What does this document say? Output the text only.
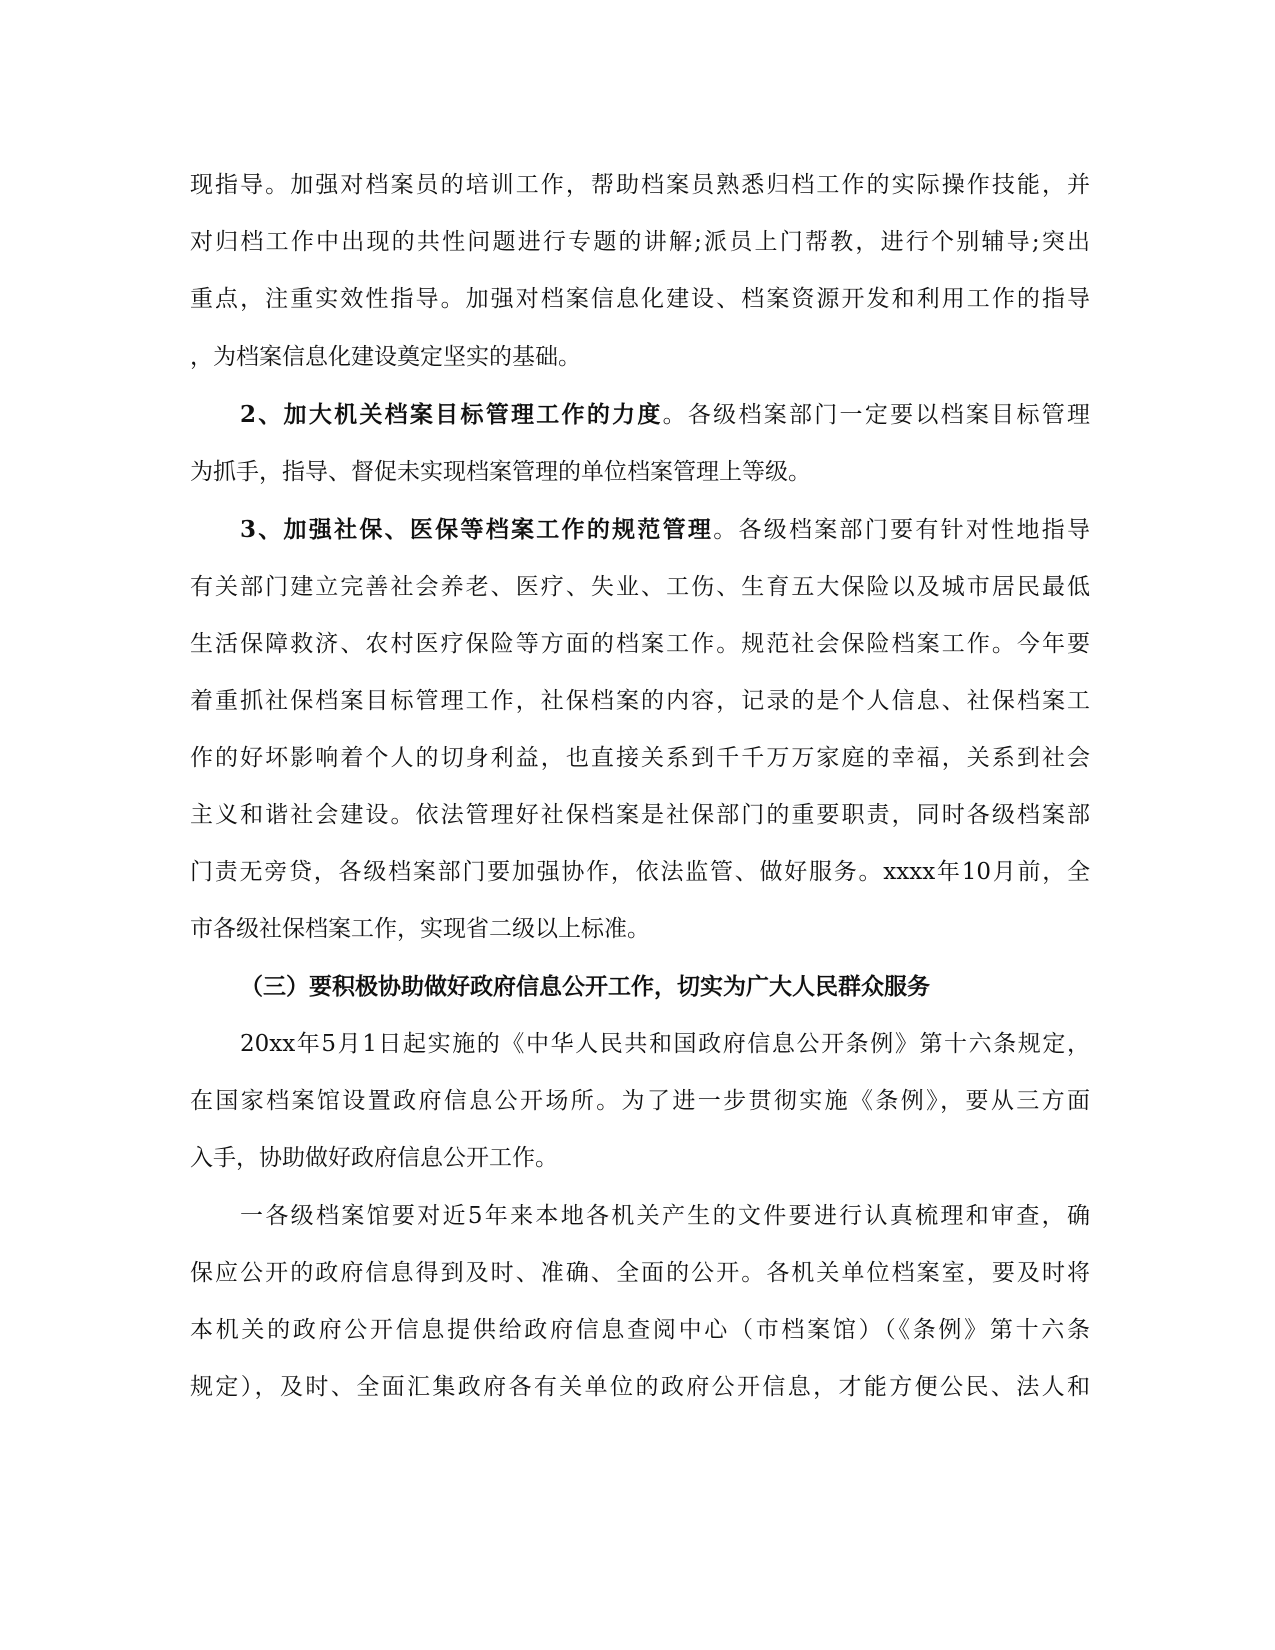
现指导。加强对档案员的培训工作，帮助档案员熟悉归档工作的实际操作技能，并
对归档工作中出现的共性问题进行专题的讲解;派员上门帮教，进行个别辅导;突出
重点，注重实效性指导。加强对档案信息化建设、档案资源开发和利用工作的指导
，为档案信息化建设奠定坚实的基础。
2、加大机关档案目标管理工作的力度。各级档案部门一定要以档案目标管理
为抓手，指导、督促未实现档案管理的单位档案管理上等级。
3、加强社保、医保等档案工作的规范管理。各级档案部门要有针对性地指导
有关部门建立完善社会养老、医疗、失业、工伤、生育五大保险以及城市居民最低
生活保障救济、农村医疗保险等方面的档案工作。规范社会保险档案工作。今年要
着重抓社保档案目标管理工作，社保档案的内容，记录的是个人信息、社保档案工
作的好坏影响着个人的切身利益，也直接关系到千千万万家庭的幸福，关系到社会
主义和谐社会建设。依法管理好社保档案是社保部门的重要职责，同时各级档案部
门责无旁贷，各级档案部门要加强协作，依法监管、做好服务。xxxx年10月前，全
市各级社保档案工作，实现省二级以上标准。
（三）要积极协助做好政府信息公开工作，切实为广大人民群众服务
20xx年5月1日起实施的《中华人民共和国政府信息公开条例》第十六条规定，
在国家档案馆设置政府信息公开场所。为了进一步贯彻实施《条例》，要从三方面
入手，协助做好政府信息公开工作。
一各级档案馆要对近5年来本地各机关产生的文件要进行认真梳理和审查，确
保应公开的政府信息得到及时、准确、全面的公开。各机关单位档案室，要及时将
本机关的政府公开信息提供给政府信息查阅中心（市档案馆）（《条例》第十六条
规定），及时、全面汇集政府各有关单位的政府公开信息，才能方便公民、法人和
